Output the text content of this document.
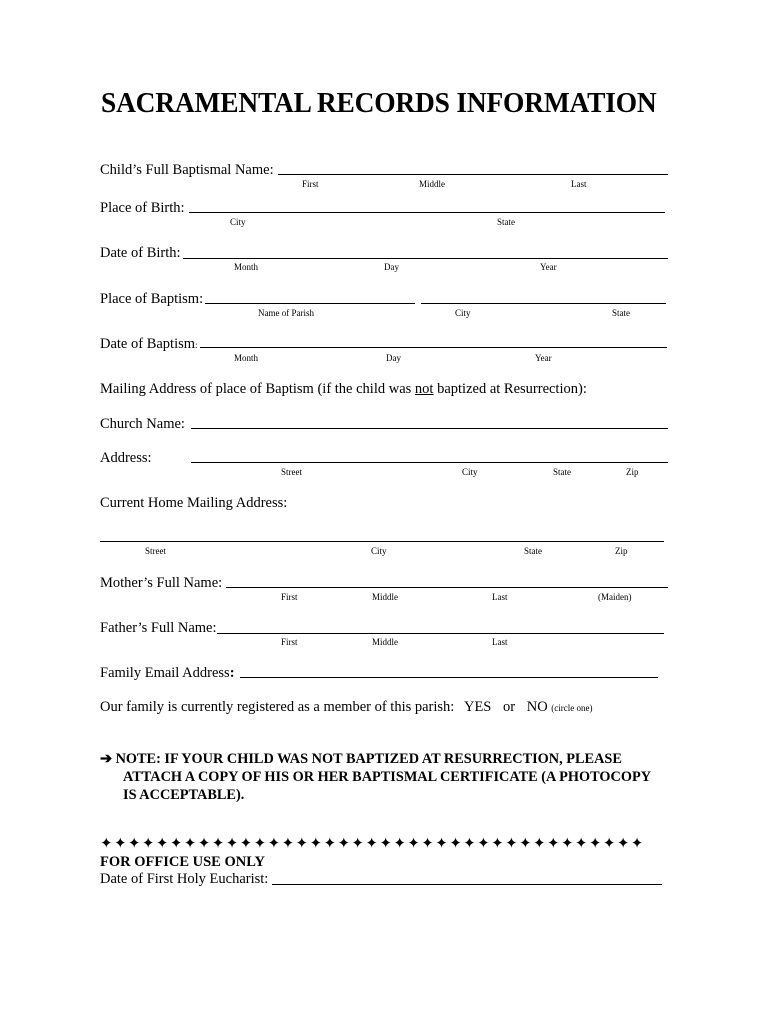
SACRAMENTAL RECORDS INFORMATION
Child’s Full Baptismal Name:
First	Middle	Last
Place of Birth:
City	State
Date of Birth:
Month	Day	Year
Place of Baptism:
Name of Parish	City	State
Date of Baptism:
Month	Day	Year
Mailing Address of place of Baptism (if the child was not baptized at Resurrection):
Church Name:
Address:
Street	City	State	Zip
Current Home Mailing Address:
Street	City	State	Zip
Mother’s Full Name:
First	Middle	Last	(Maiden)
Father’s Full Name:
First	Middle	Last
Family Email Address:
Our family is currently registered as a member of this parish: YES or NO (circle one)
➔ NOTE: IF YOUR CHILD WAS NOT BAPTIZED AT RESURRECTION, PLEASE
ATTACH A COPY OF HIS OR HER BAPTISMAL CERTIFICATE (A PHOTOCOPY
IS ACCEPTABLE).
✦✦✦✦✦✦✦✦✦✦✦✦✦✦✦✦✦✦✦✦✦✦✦✦✦✦✦✦✦✦✦✦✦✦✦✦✦✦✦
FOR OFFICE USE ONLY
Date of First Holy Eucharist:
